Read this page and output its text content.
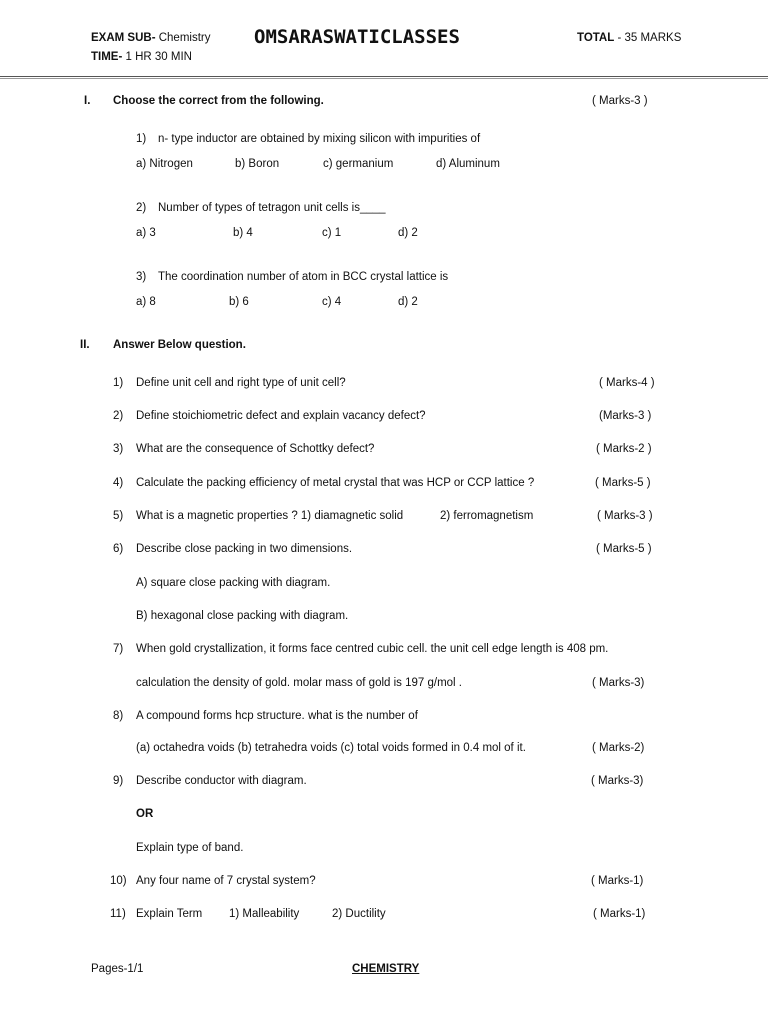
EXAM SUB- Chemistry
TIME- 1 HR 30 MIN
OMSARASWATICLASSES	TOTAL - 35 MARKS
I. Choose the correct from the following.	( Marks-3 )
1) n- type inductor are obtained by mixing silicon with impurities of
a) Nitrogen	b) Boron	c) germanium	d) Aluminum
2) Number of types of tetragon unit cells is____
a) 3	b) 4	c) 1	d) 2
3) The coordination number of atom in BCC crystal lattice is
a) 8	b) 6	c) 4	d) 2
II. Answer Below question.
1) Define unit cell and right type of unit cell?	( Marks-4 )
2) Define stoichiometric defect and explain vacancy defect?	(Marks-3 )
3) What are the consequence of Schottky defect?	( Marks-2 )
4) Calculate the packing efficiency of metal crystal that was HCP or CCP lattice ?	( Marks-5 )
5) What is a magnetic properties ? 1) diamagnetic solid	2) ferromagnetism	( Marks-3 )
6) Describe close packing in two dimensions.	( Marks-5 )
A) square close packing with diagram.
B) hexagonal close packing with diagram.
7) When gold crystallization, it forms face centred cubic cell. the unit cell edge length is 408 pm.
calculation the density of gold. molar mass of gold is 197 g/mol .	( Marks-3)
8) A compound forms hcp structure. what is the number of
(a) octahedra voids (b) tetrahedra voids (c) total voids formed in 0.4 mol of it.	( Marks-2)
9) Describe conductor with diagram.	( Marks-3)
OR
Explain type of band.
10) Any four name of 7 crystal system?	( Marks-1)
11) Explain Term 1) Malleability	2) Ductility	( Marks-1)
Pages-1/1	CHEMISTRY
